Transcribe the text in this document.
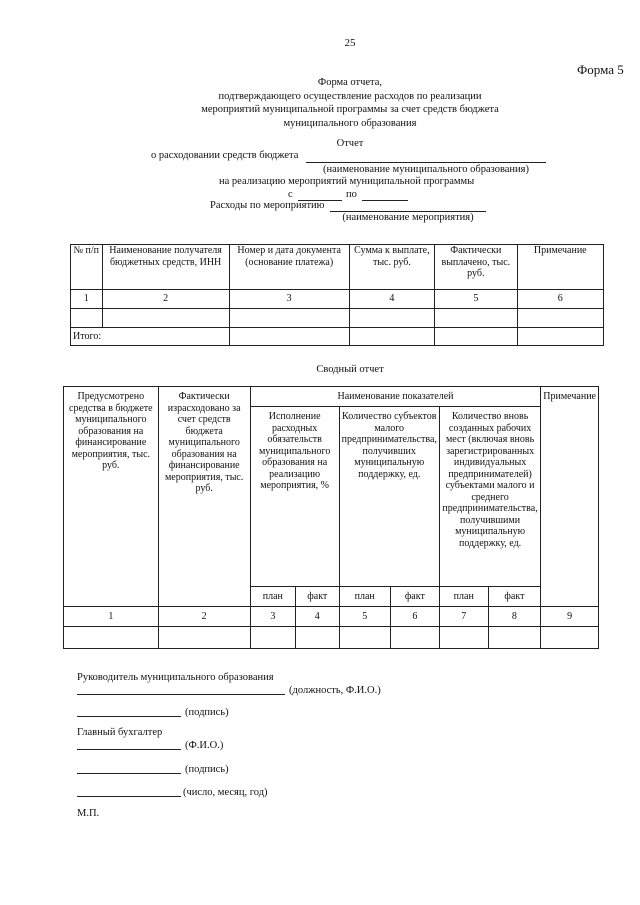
25
Форма 5
Форма отчета,
подтверждающего осуществление расходов по реализации
мероприятий муниципальной программы за счет средств бюджета
муниципального образования
Отчет
о расходовании средств бюджета
(наименование муниципального образования)
на реализацию мероприятий муниципальной программы
с	по
Расходы по мероприятию
(наименование мероприятия)
№ п/п	Наименование получателя бюджетных средств, ИНН	Номер и дата документа (основание платежа)	Сумма к выплате, тыс. руб.	Фактически выплачено, тыс. руб.	Примечание
1	2	3	4	5	6

Итого:					
Сводный отчет
Предусмотрено средства в бюджете муниципального образования на финансирование мероприятия, тыс. руб.	Фактически израсходовано за счет средств бюджета муниципального образования на финансирование мероприятия, тыс. руб.	Наименование показателей						Примечание
		Исполнение расходных обязательств муниципального образования на реализацию мероприятия, %		Количество субъектов малого предпринимательства, получивших муниципальную поддержку, ед.		Количество вновь созданных рабочих мест (включая вновь зарегистрированных индивидуальных предпринимателей) субъектами малого и среднего предпринимательства, получившими муниципальную поддержку, ед.		
		план	факт	план	факт	план	факт	
1	2	3	4	5	6	7	8	9

Руководитель муниципального образования
(должность, Ф.И.О.)
(подпись)
Главный бухгалтер
(Ф.И.О.)
(подпись)
(число, месяц, год)
М.П.
